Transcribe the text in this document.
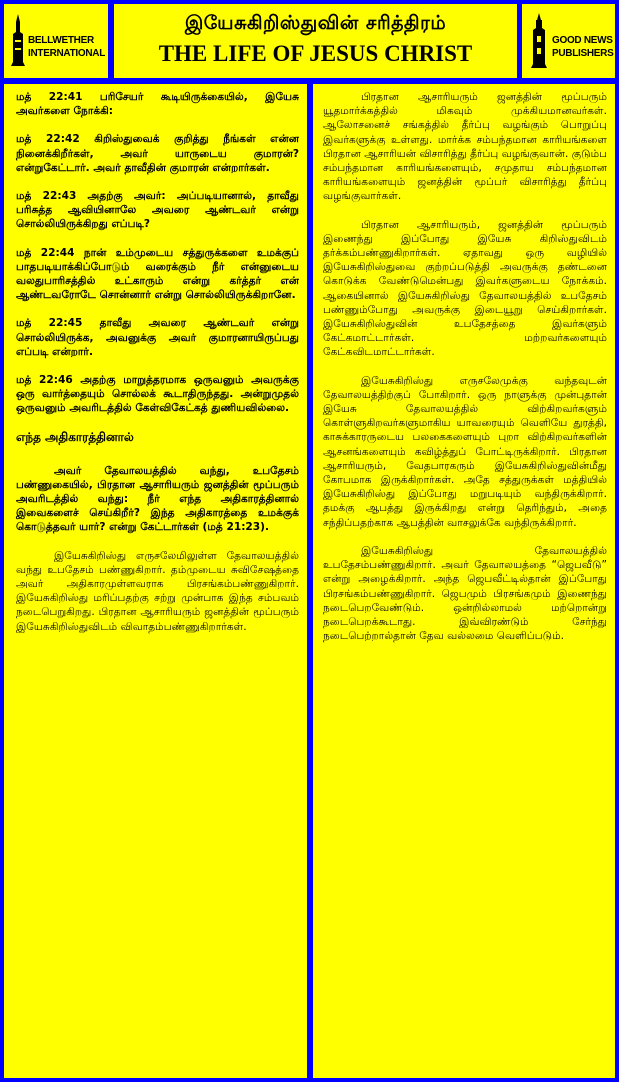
BELLWETHER
INTERNATIONAL
இயேசுகிறிஸ்துவின் சரித்திரம்
THE LIFE OF JESUS CHRIST
GOOD NEWS
PUBLISHERS

மத் 22:41 பரிசேயர் கூடியிருக்கையில், இயேசு அவர்களை நோக்கி:

மத் 22:42 கிறிஸ்துவைக் குறித்து நீங்கள் என்ன நினைக்கிறீர்கள், அவர் யாருடைய குமாரன்? என்றுகேட்டார். அவர் தாவீதின் குமாரன் என்றார்கள்.

மத் 22:43 அதற்கு அவர்: அப்படியானால், தாவீது பரிசுத்த ஆவியினாலே அவரை ஆண்டவர் என்று சொல்லியிருக்கிறது எப்படி?

மத் 22:44 நான் உம்முடைய சத்துருக்களை உமக்குப் பாதபடியாக்கிப்போடும் வரைக்கும் நீர் என்னுடைய வலதுபாரிசத்தில் உட்காரும் என்று கர்த்தர் என் ஆண்டவரோடே சொன்னார் என்று சொல்லியிருக்கிறானே.

மத் 22:45 தாவீது அவரை ஆண்டவர் என்று சொல்லியிருக்க, அவனுக்கு அவர் குமாரனாயிருப்பது எப்படி என்றார்.

மத் 22:46 அதற்கு மாறுத்தரமாக ஒருவனும் அவருக்கு ஒரு வார்த்தையும் சொல்லக் கூடாதிருந்தது. அன்றுமுதல் ஒருவனும் அவரிடத்தில் கேள்விகேட்கத் துணியவில்லை.

எந்த அதிகாரத்தினால்

அவர் தேவாலயத்தில் வந்து, உபதேசம் பண்ணுகையில், பிரதான ஆசாரியரும் ஜனத்தின் மூப்பரும் அவரிடத்தில் வந்து: நீர் எந்த அதிகாரத்தினால் இவைகளைச் செய்கிறீர்? இந்த அதிகாரத்தை உமக்குக் கொடுத்தவர் யார்? என்று கேட்டார்கள் (மத் 21:23).

இயேசுகிறிஸ்து எருசலேமிலுள்ள தேவாலயத்தில் வந்து உபதேசம் பண்ணுகிறார். தம்முடைய சுவிசேஷத்தை அவர் அதிகாரமுள்ளவராக பிரசங்கம்பண்ணுகிறார். இயேசுகிறிஸ்து மரிப்பதற்கு சற்று முன்பாக இந்த சம்பவம் நடைபெறுகிறது. பிரதான ஆசாரியரும் ஜனத்தின் மூப்பரும் இயேசுகிறிஸ்துவிடம் விவாதம்பண்ணுகிறார்கள்.

பிரதான ஆசாரியரும் ஜனத்தின் மூப்பரும் யூதமார்க்கத்தில் மிகவும் முக்கியமானவர்கள். ஆலோசனைச் சங்கத்தில் தீர்ப்பு வழங்கும் பொறுப்பு இவர்களுக்கு உள்ளது. மார்க்க சம்பந்தமான காரியங்களை பிரதான ஆசாரியன் விசாரித்து தீர்ப்பு வழங்குவான். குடும்ப சம்பந்தமான காரியங்களையும், சமுதாய சம்பந்தமான காரியங்களையும் ஜனத்தின் மூப்பர் விசாரித்து தீர்ப்பு வழங்குவார்கள்.

பிரதான ஆசாரியரும், ஜனத்தின் மூப்பரும் இணைந்து இப்போது இயேசு கிறிஸ்துவிடம் தர்க்கம்பண்ணுகிறார்கள். ஏதாவது ஒரு வழியில் இயேசுகிறிஸ்துவை குற்றப்படுத்தி அவருக்கு தண்டனை கொடுக்க வேண்டுமென்பது இவர்களுடைய நோக்கம். ஆகையினால் இயேசுகிறிஸ்து தேவாலயத்தில் உபதேசம் பண்ணும்போது அவருக்கு இடையூறு செய்கிறார்கள். இயேசுகிறிஸ்துவின் உபதேசத்தை இவர்களும் கேட்கமாட்டார்கள். மற்றவர்களையும் கேட்கவிடமாட்டார்கள்.

இயேசுகிறிஸ்து எருசலேமுக்கு வந்தவுடன் தேவாலயத்திற்குப் போகிறார். ஒரு நாளுக்கு முன்புதான் இயேசு தேவாலயத்தில் விற்கிறவர்களும் கொள்ளுகிறவர்களுமாகிய யாவரையும் வெளியே துரத்தி, காசுக்காரருடைய பலகைகளையும் புறா விற்கிறவர்களின் ஆசனங்களையும் கவிழ்த்துப் போட்டிருக்கிறார். பிரதான ஆசாரியரும், வேதபாரகரும் இயேசுகிறிஸ்துவின்மீது கோபமாக இருக்கிறார்கள். அதே சத்துருக்கள் மத்தியில் இயேசுகிறிஸ்து இப்போது மறுபடியும் வந்திருக்கிறார். தமக்கு ஆபத்து இருக்கிறது என்று தெரிந்தும், அதை சந்திப்பதற்காக ஆபத்தின் வாசலுக்கே வந்திருக்கிறார்.

இயேசுகிறிஸ்து தேவாலயத்தில் உபதேசம்பண்ணுகிறார். அவர் தேவாலயத்தை “ஜெபவீடு” என்று அழைக்கிறார். அந்த ஜெபவீட்டில்தான் இப்போது பிரசங்கம்பண்ணுகிறார். ஜெபமும் பிரசங்கமும் இணைந்து நடைபெறவேண்டும். ஒன்றில்லாமல் மற்றொன்று நடைபெறக்கூடாது. இவ்விரண்டும் சேர்ந்து நடைபெற்றால்தான் தேவ வல்லமை வெளிப்படும்.
